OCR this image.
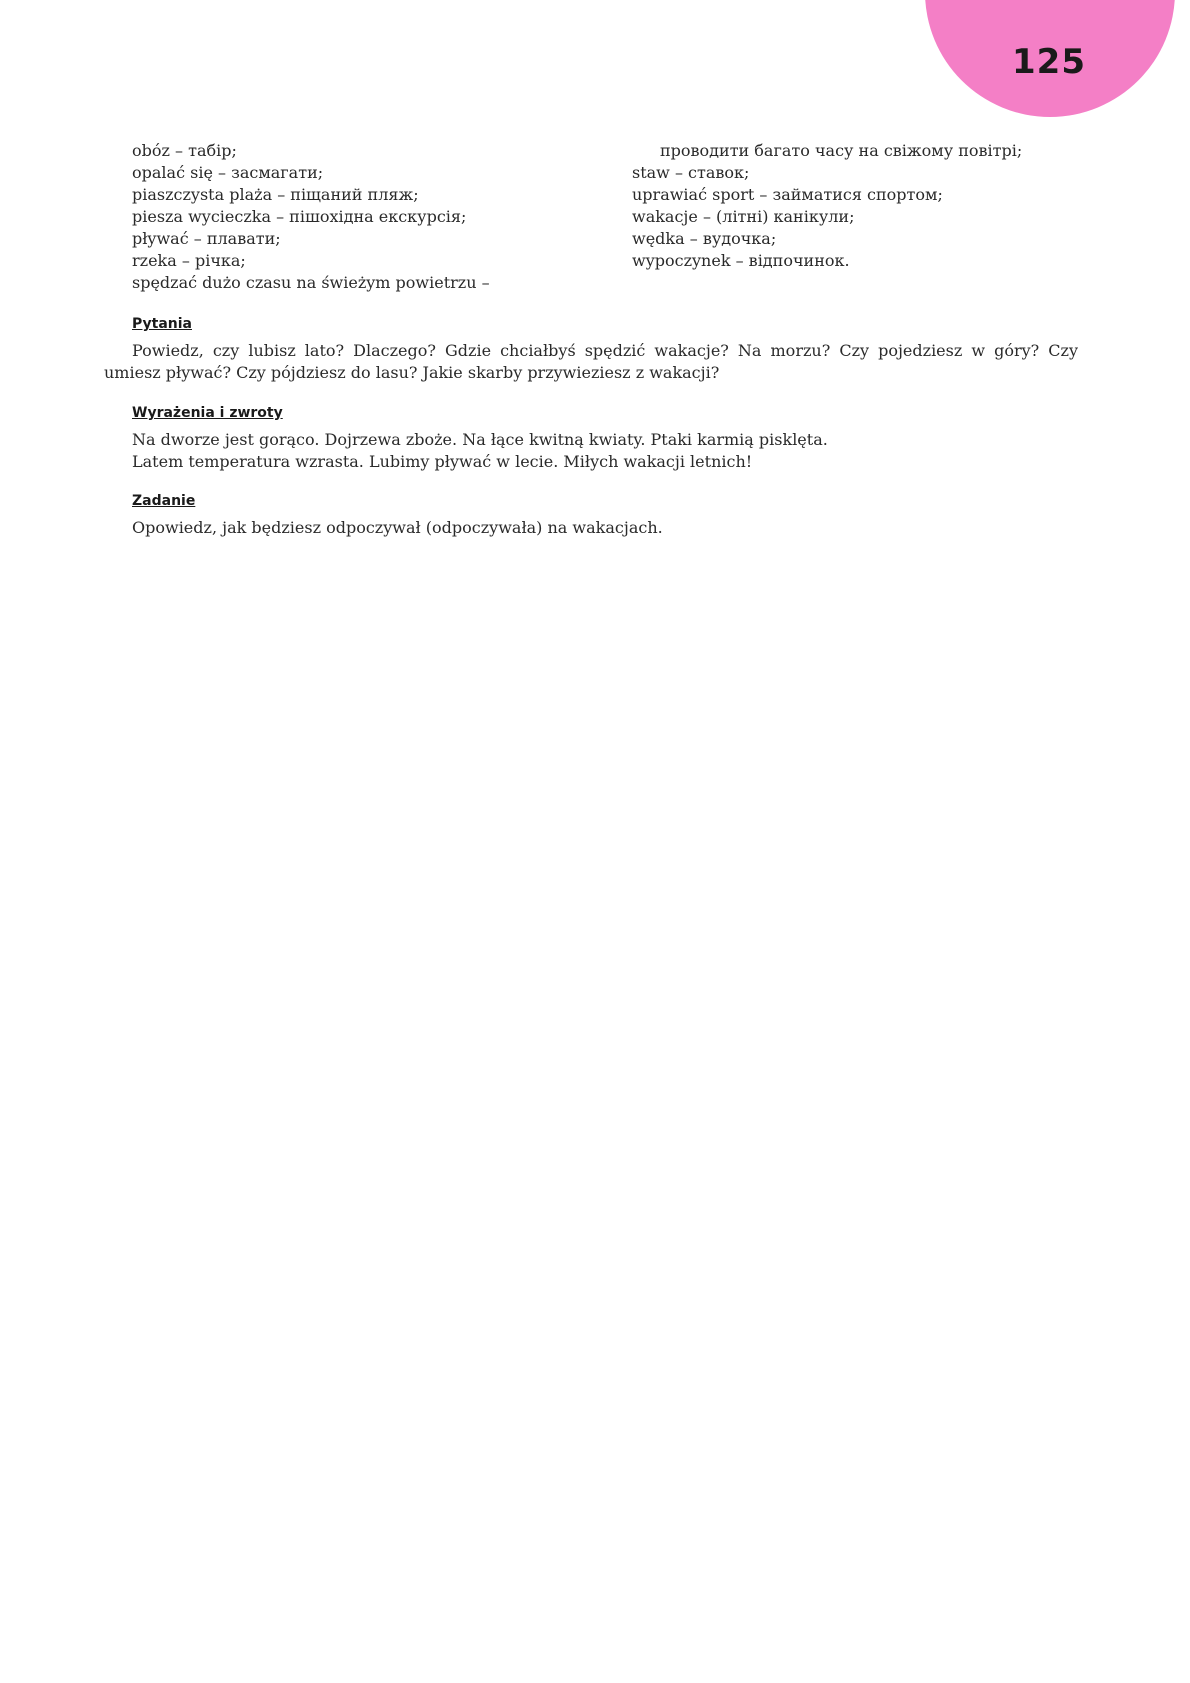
125
obóz – табір;
opalać się – засмагати;
piaszczysta plaża – піщаний пляж;
piesza wycieczka – пішохідна екскурсія;
pływać – плавати;
rzeka – річка;
spędzać dużo czasu na świeżym powietrzu –
проводити багато часу на свіжому повітрі;
staw – ставок;
uprawiać sport – займатися спортом;
wakacje – (літні) канікули;
wędka – вудочка;
wypoczynek – відпочинок.
Pytania
Powiedz, czy lubisz lato? Dlaczego? Gdzie chciałbyś spędzić wakacje? Na morzu? Czy pojedziesz w góry? Czy umiesz pływać? Czy pójdziesz do lasu? Jakie skarby przywieziesz z wakacji?
Wyrażenia i zwroty
Na dworze jest gorąco. Dojrzewa zboże. Na łące kwitną kwiaty. Ptaki karmią pisklęta.
Latem temperatura wzrasta. Lubimy pływać w lecie. Miłych wakacji letnich!
Zadanie
Opowiedz, jak będziesz odpoczywał (odpoczywała) na wakacjach.
